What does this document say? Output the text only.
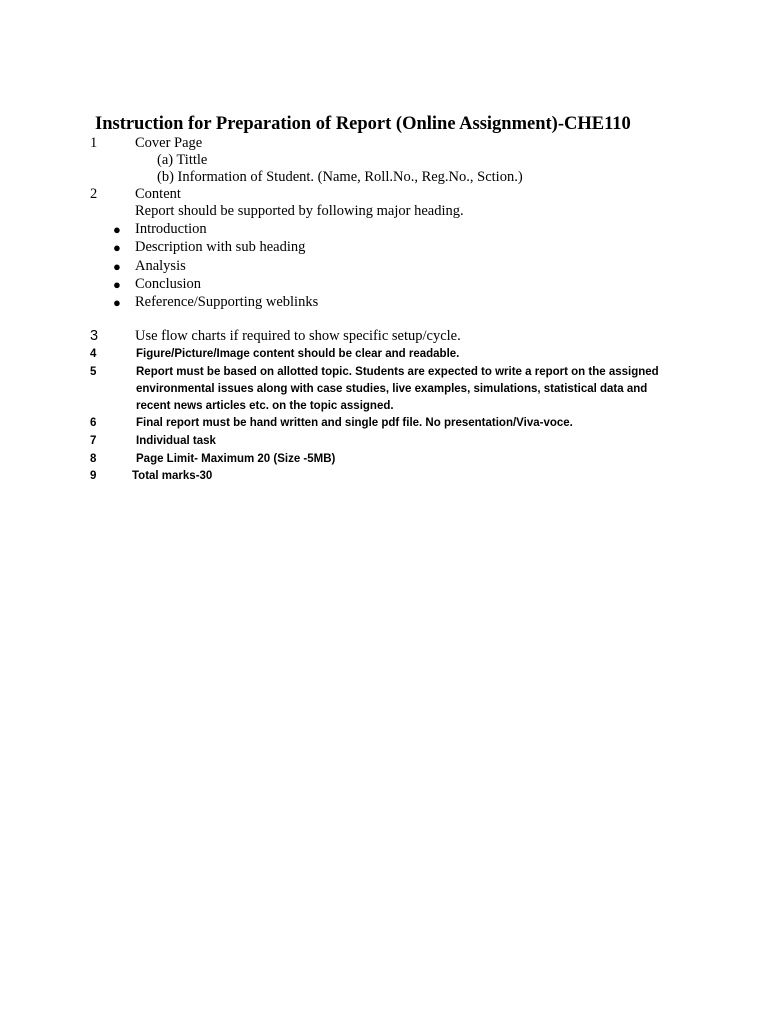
Instruction for Preparation of Report (Online Assignment)-CHE110
1	Cover Page
(a) Tittle
(b) Information of Student. (Name, Roll.No., Reg.No., Sction.)
2	Content
Report should be supported by following major heading.
● Introduction
● Description with sub heading
● Analysis
● Conclusion
● Reference/Supporting weblinks
3	Use flow charts if required to show specific setup/cycle.
4	Figure/Picture/Image content should be clear and readable.
5	Report must be based on allotted topic. Students are expected to write a report on the assigned
environmental issues along with case studies, live examples, simulations, statistical data and
recent news articles etc. on the topic assigned.
6	Final report must be hand written and single pdf file. No presentation/Viva-voce.
7	Individual task
8	Page Limit- Maximum 20 (Size -5MB)
9	Total marks-30
